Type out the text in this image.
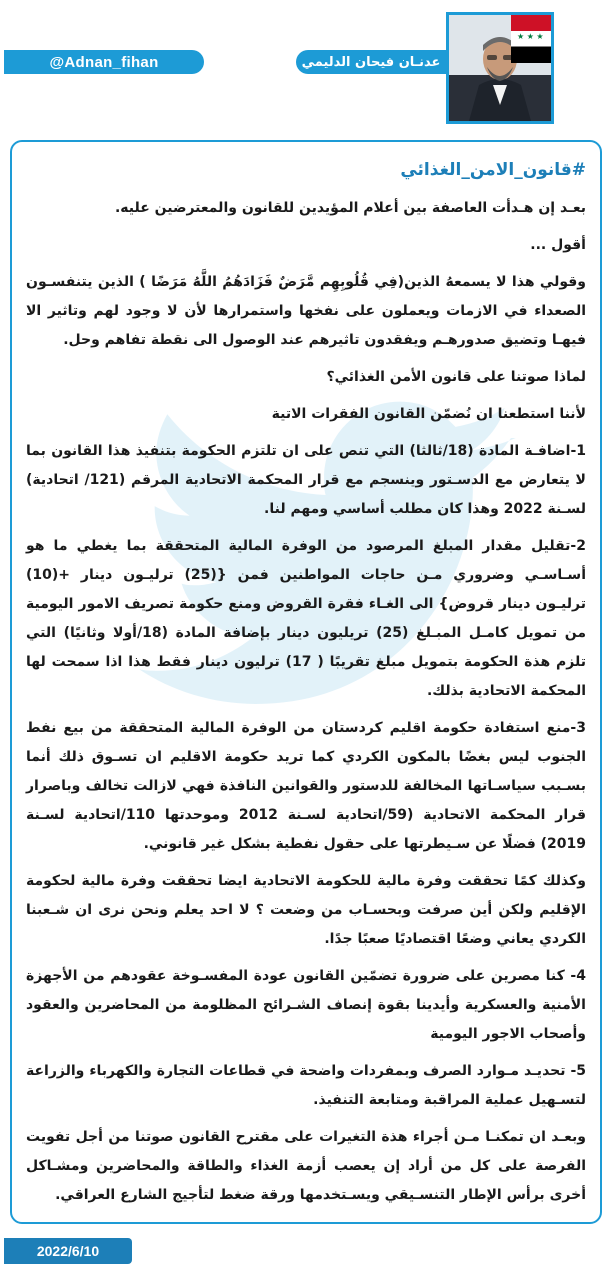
@Adnan_fihan	عدنـان فيحان الدليمي
★ ★ ★
#قانون_الامن_الغذائي

بعـد إن هـدأت العاصفة بين أعلام المؤيدين للقانون والمعترضين عليه.

أقول ...

وقولي هذا لا يسمعهُ الذين(فِي قُلُوبِهِم مَّرَضٌ فَزَادَهُمُ اللَّهُ مَرَضًا ) الذين يتنفسـون الصعداء في الازمات ويعملون على نفخها واستمرارها لأن لا وجود لهم وتاثير الا فيهـا وتضيق صدورهـم ويفقدون تاثيرهم عند الوصول الى نقطة تفاهم وحل.

لماذا صوتنا على قانون الأمن الغذائي؟

لأننا استطعنا ان نُضمّن القانون الفقرات الاتية

1-اضافـة المادة (18/ثالثا) التي تنص على ان تلتزم الحكومة بتنفيذ هذا القانون بما لا يتعارض مع الدسـتور وينسجم مع قرار المحكمة الاتحادية المرقم (121/ اتحادية) لسـنة 2022 وهذا كان مطلب أساسي ومهم لنا.

2-تقليل مقدار المبلغ المرصود من الوفرة المالية المتحققة بما يغطي ما هو أسـاسـي وضروري مـن حاجات المواطنين فمن {(25) ترليـون دينار +(10) ترليـون دينار قروض} الى الغـاء فقرة القروض ومنع حكومة تصريف الامور اليومية من تمويل كامـل المبـلغ (25) تريليون دينار بإضافة المادة (18/أولا وثانيًا) التي تلزم هذة الحكومة بتمويل مبلغ تقريبًا ( 17) ترليون دينار فقط هذا اذا سمحت لها المحكمة الاتحادية بذلك.

3-منع استفادة حكومة اقليم كردستان من الوفرة المالية المتحققة من بيع نفط الجنوب ليس بغضًا بالمكون الكردي كما تريد حكومة الاقليم ان تسـوق ذلك أنما بسـبب سياسـاتها المخالفة للدستور والقوانين النافذة فهي لازالت تخالف وباصرار قرار المحكمة الاتحادية (59/اتحادية لسـنة 2012 وموحدتها 110/اتحادية لسـنة 2019) فضلًا عن سـيطرتها على حقول نفطية بشكل غير قانوني.

وكذلك كمًا تحققت وفرة مالية للحكومة الاتحادية ايضا تحققت وفرة مالية لحكومة الإقليم ولكن أين صرفت وبحسـاب من وضعت ؟ لا احد يعلم ونحن نرى ان شـعبنا الكردي يعاني وضعًا اقتصاديًا صعبًا جدًا.

4- كنا مصرين على ضرورة تضمّين القانون عودة المفسـوخة عقودهم من الأجهزة الأمنية والعسكرية وأيدينا بقوة إنصاف الشـرائح المظلومة من المحاضرين والعقود وأصحاب الاجور اليومية

5- تحديـد مـوارد الصرف وبمفردات واضحة في قطاعات التجارة والكهرباء والزراعة لتسـهيل عملية المراقبة ومتابعة التنفيذ.

وبعـد ان تمكنـا مـن أجراء هذة التغيرات على مقترح القانون صوتنا من أجل تفويت الفرصة على كل من أراد إن يعصب أزمة الغذاء والطاقة والمحاضرين ومشـاكل أخرى برأس الإطار التنسـيقي ويسـتخدمها ورقة ضغط لتأجيج الشارع العراقي.

2022/6/10
